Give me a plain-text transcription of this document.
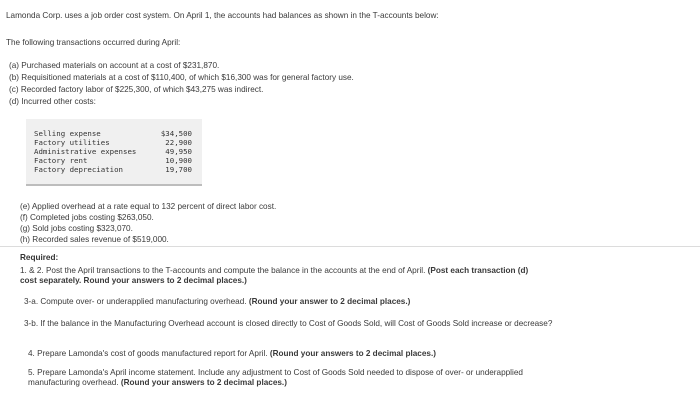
Lamonda Corp. uses a job order cost system. On April 1, the accounts had balances as shown in the T-accounts below:
The following transactions occurred during April:
(a) Purchased materials on account at a cost of $231,870.
(b) Requisitioned materials at a cost of $110,400, of which $16,300 was for general factory use.
(c) Recorded factory labor of $225,300, of which $43,275 was indirect.
(d) Incurred other costs:
Selling expense	$34,500
Factory utilities	22,900
Administrative expenses	49,950
Factory rent	10,900
Factory depreciation	19,700
(e) Applied overhead at a rate equal to 132 percent of direct labor cost.
(f) Completed jobs costing $263,050.
(g) Sold jobs costing $323,070.
(h) Recorded sales revenue of $519,000.
Required:
1. & 2. Post the April transactions to the T-accounts and compute the balance in the accounts at the end of April. (Post each transaction (d) cost separately. Round your answers to 2 decimal places.)
3-a. Compute over- or underapplied manufacturing overhead. (Round your answer to 2 decimal places.)
3-b. If the balance in the Manufacturing Overhead account is closed directly to Cost of Goods Sold, will Cost of Goods Sold increase or decrease?
4. Prepare Lamonda's cost of goods manufactured report for April. (Round your answers to 2 decimal places.)
5. Prepare Lamonda's April income statement. Include any adjustment to Cost of Goods Sold needed to dispose of over- or underapplied manufacturing overhead. (Round your answers to 2 decimal places.)
